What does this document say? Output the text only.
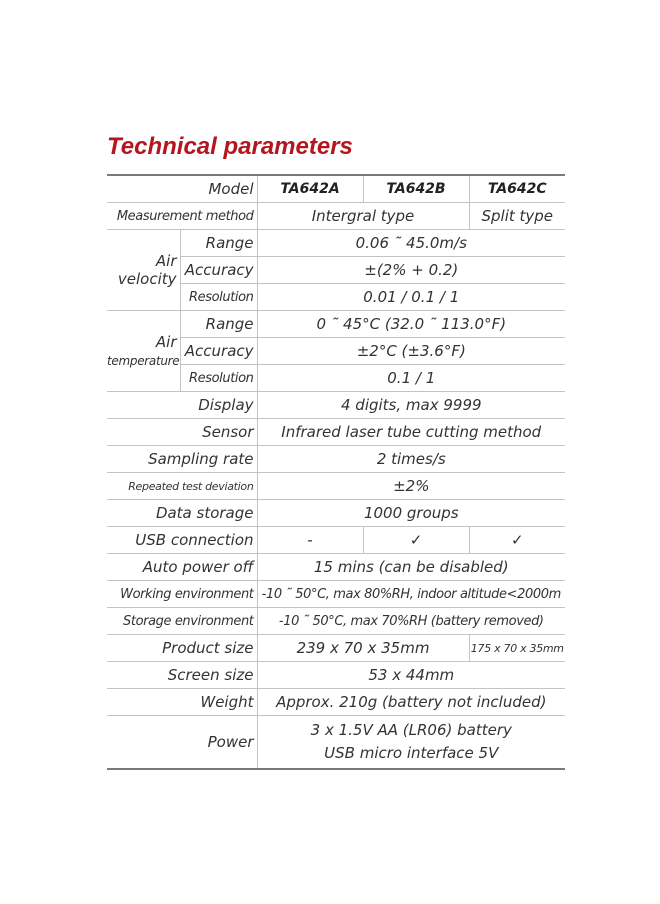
Technical parameters
Model		TA642A	TA642B	TA642C
Measurement method		Intergral type		Split type
Air
velocity	Range	0.06 ˜ 45.0m/s		
	Accuracy	±(2% + 0.2)		
	Resolution	0.01 / 0.1 / 1		
Air
temperature	Range	0 ˜ 45°C (32.0 ˜ 113.0°F)		
	Accuracy	±2°C (±3.6°F)		
	Resolution	0.1 / 1		
Display		4 digits, max 9999		
Sensor		Infrared laser tube cutting method		
Sampling rate		2 times/s		
Repeated test deviation		±2%		
Data storage		1000 groups		
USB connection		-	✓	✓
Auto power off		15 mins (can be disabled)		
Working environment		-10 ˜ 50°C, max 80%RH, indoor altitude<2000m		
Storage environment		-10 ˜ 50°C, max 70%RH (battery removed)		
Product size		239 x 70 x 35mm		175 x 70 x 35mm
Screen size		53 x 44mm		
Weight		Approx. 210g (battery not included)		
Power		3 x 1.5V AA (LR06) battery
USB micro interface 5V		
